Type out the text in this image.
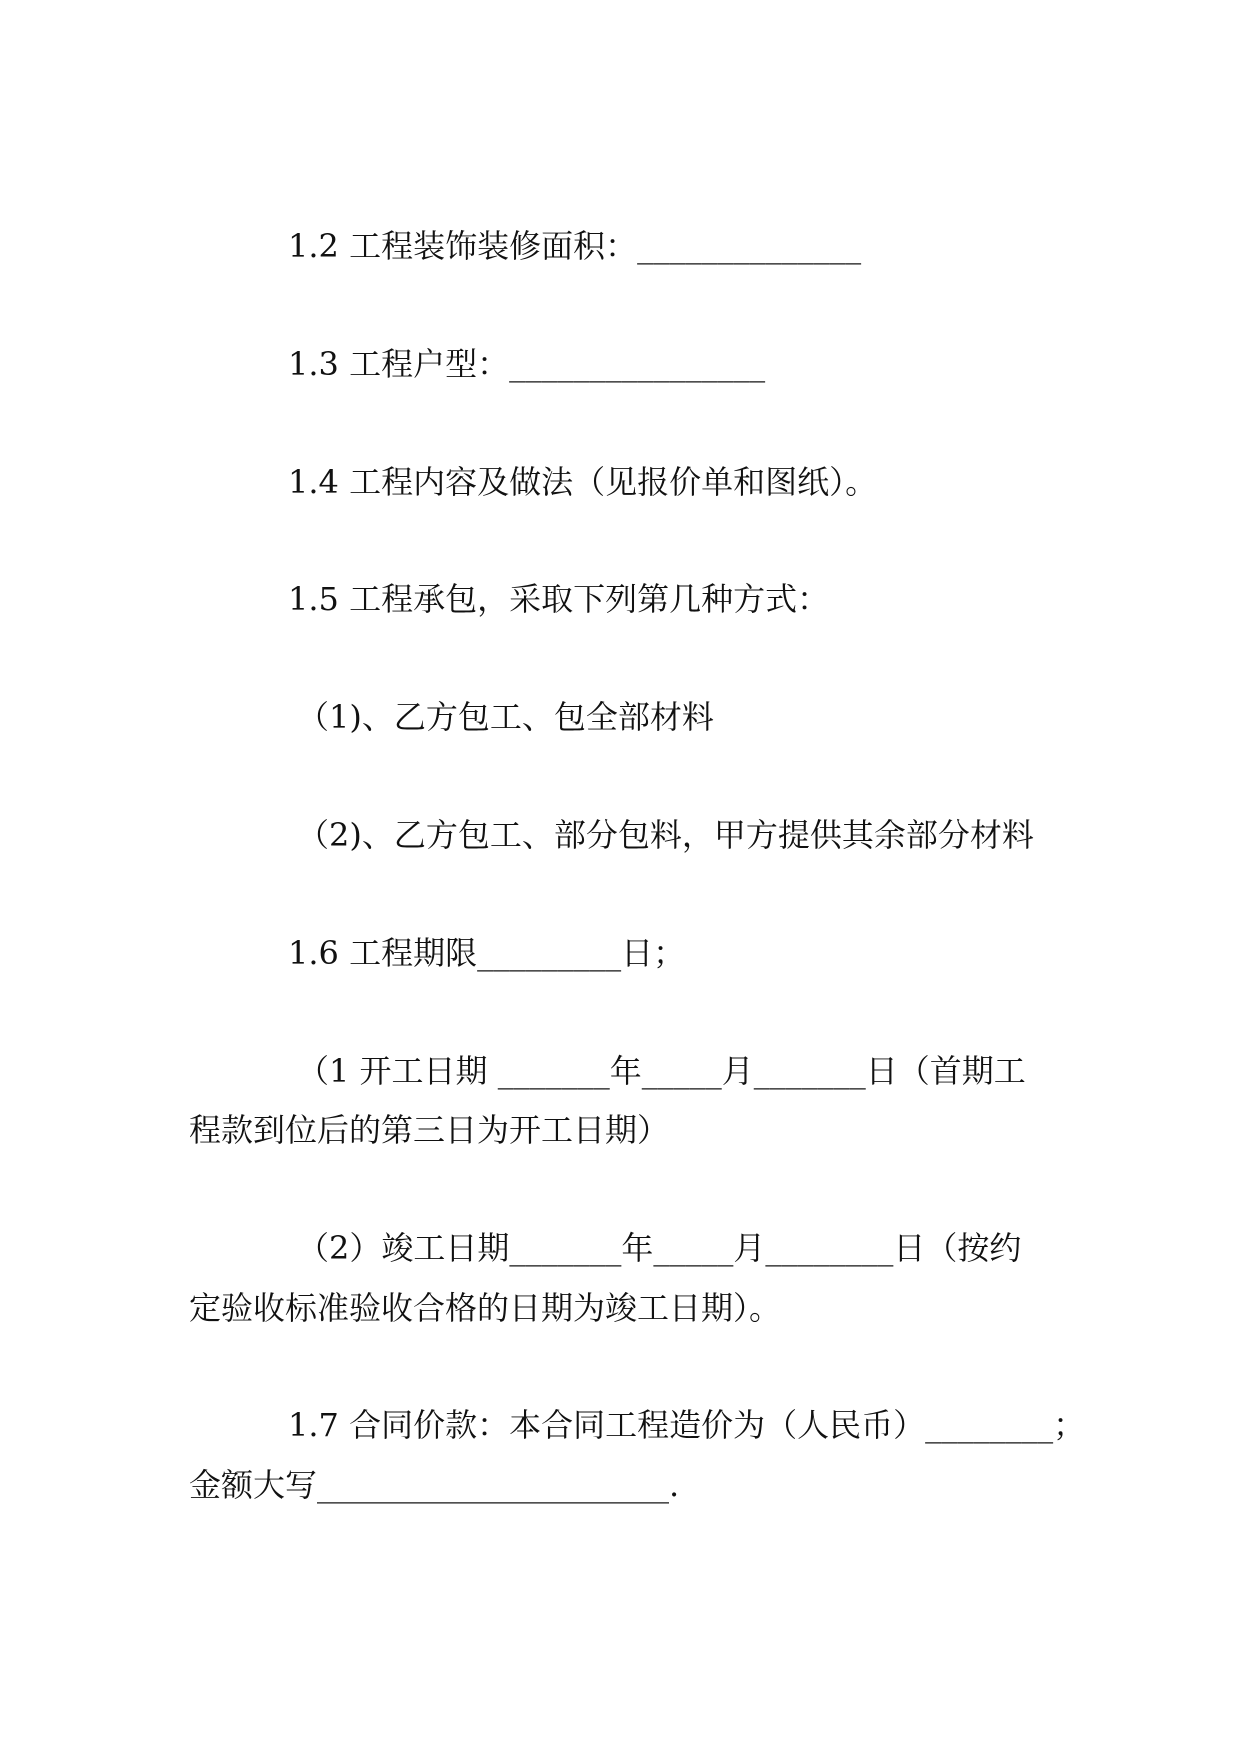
1.2 工程装饰装修面积：______________
1.3 工程户型：________________
1.4 工程内容及做法（见报价单和图纸）。
1.5 工程承包，采取下列第几种方式：
（1)、乙方包工、包全部材料
（2)、乙方包工、部分包料，甲方提供其余部分材料
1.6 工程期限_________日；
（1 开工日期 _______年_____月_______日（首期工
程款到位后的第三日为开工日期）
（2）竣工日期_______年_____月________日（按约
定验收标准验收合格的日期为竣工日期）。
1.7 合同价款：本合同工程造价为（人民币）________；
金额大写______________________.
